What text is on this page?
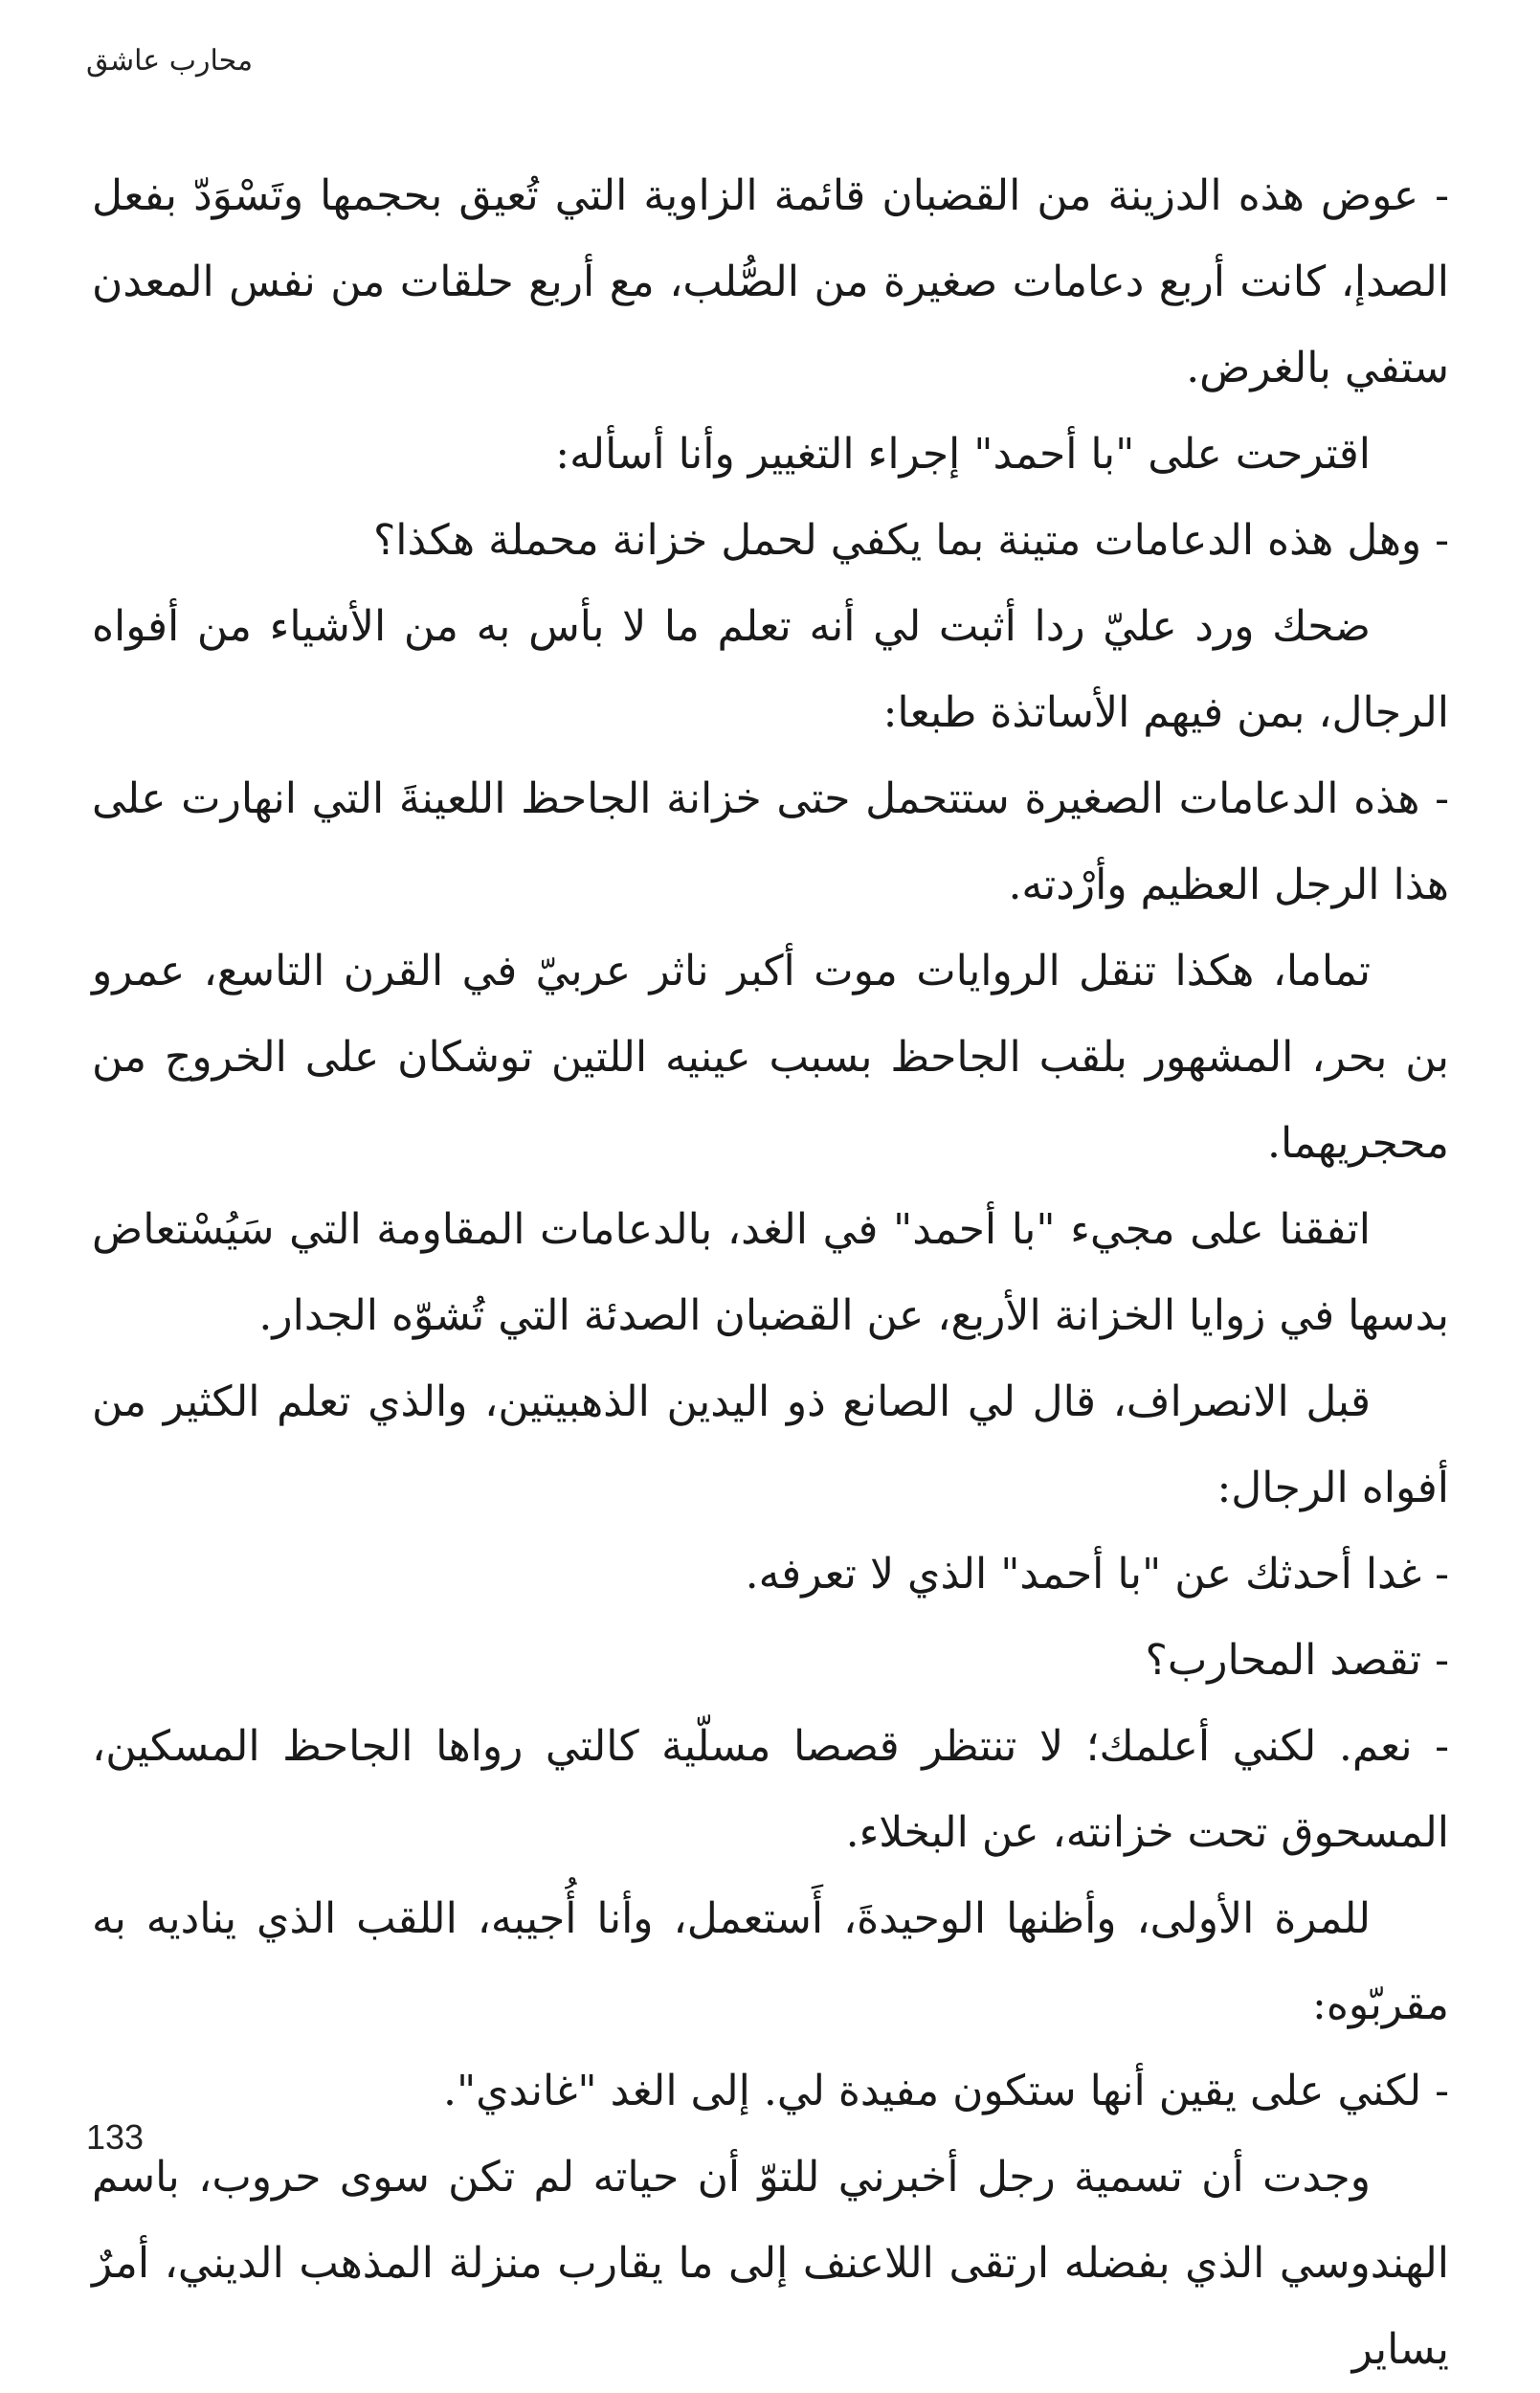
محارب عاشق

- عوض هذه الدزينة من القضبان قائمة الزاوية التي تُعيق بحجمها وتَسْوَدّ بفعل الصدإ، كانت أربع دعامات صغيرة من الصُّلب، مع أربع حلقات من نفس المعدن ستفي بالغرض.

اقترحت على "با أحمد" إجراء التغيير وأنا أسأله:

- وهل هذه الدعامات متينة بما يكفي لحمل خزانة محملة هكذا؟

ضحك ورد عليّ ردا أثبت لي أنه تعلم ما لا بأس به من الأشياء من أفواه الرجال، بمن فيهم الأساتذة طبعا:

- هذه الدعامات الصغيرة ستتحمل حتى خزانة الجاحظ اللعينةَ التي انهارت على هذا الرجل العظيم وأرْدته.

تماما، هكذا تنقل الروايات موت أكبر ناثر عربيّ في القرن التاسع، عمرو بن بحر، المشهور بلقب الجاحظ بسبب عينيه اللتين توشكان على الخروج من محجريهما.

اتفقنا على مجيء "با أحمد" في الغد، بالدعامات المقاومة التي سَيُسْتعاض بدسها في زوايا الخزانة الأربع، عن القضبان الصدئة التي تُشوّه الجدار.

قبل الانصراف، قال لي الصانع ذو اليدين الذهبيتين، والذي تعلم الكثير من أفواه الرجال:

- غدا أحدثك عن "با أحمد" الذي لا تعرفه.

- تقصد المحارب؟

- نعم. لكني أعلمك؛ لا تنتظر قصصا مسلّية كالتي رواها الجاحظ المسكين، المسحوق تحت خزانته، عن البخلاء.

للمرة الأولى، وأظنها الوحيدةَ، أَستعمل، وأنا أُجيبه، اللقب الذي يناديه به مقربّوه:

- لكني على يقين أنها ستكون مفيدة لي. إلى الغد "غاندي".

وجدت أن تسمية رجل أخبرني للتوّ أن حياته لم تكن سوى حروب، باسم الهندوسي الذي بفضله ارتقى اللاعنف إلى ما يقارب منزلة المذهب الديني، أمرٌ يساير

133
